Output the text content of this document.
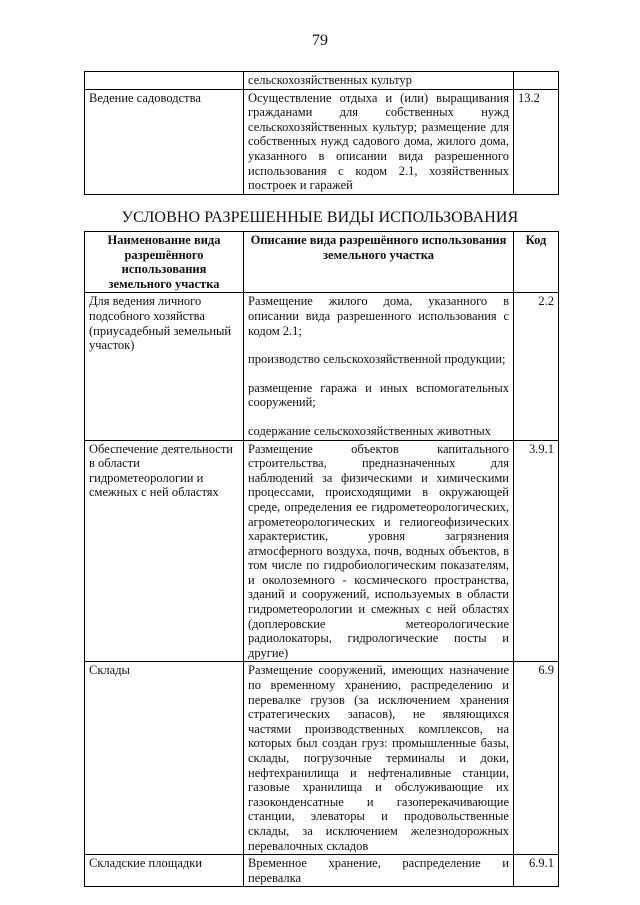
79
	сельскохозяйственных культур	
Ведение садоводства	Осуществление отдыха и (или) выращивания гражданами для собственных нужд сельскохозяйственных культур; размещение для собственных нужд садового дома, жилого дома, указанного в описании вида разрешенного использования с кодом 2.1, хозяйственных построек и гаражей	13.2
УСЛОВНО РАЗРЕШЕННЫЕ ВИДЫ ИСПОЛЬЗОВАНИЯ
Наименование вида разрешённого использования земельного участка	Описание вида разрешённого использования земельного участка	Код
Для ведения личного подсобного хозяйства (приусадебный земельный участок)	Размещение жилого дома, указанного в описании вида разрешенного использования с кодом 2.1;

производство сельскохозяйственной продукции;

размещение гаража и иных вспомогательных сооружений;

содержание сельскохозяйственных животных	2.2
Обеспечение деятельности в области гидрометеорологии и смежных с ней областях	Размещение объектов капитального строительства, предназначенных для наблюдений за физическими и химическими процессами, происходящими в окружающей среде, определения ее гидрометеорологических, агрометеорологических и гелиогеофизических характеристик, уровня загрязнения атмосферного воздуха, почв, водных объектов, в том числе по гидробиологическим показателям, и околоземного - космического пространства, зданий и сооружений, используемых в области гидрометеорологии и смежных с ней областях (доплеровские метеорологические радиолокаторы, гидрологические посты и другие)	3.9.1
Склады	Размещение сооружений, имеющих назначение по временному хранению, распределению и перевалке грузов (за исключением хранения стратегических запасов), не являющихся частями производственных комплексов, на которых был создан груз: промышленные базы, склады, погрузочные терминалы и доки, нефтехранилища и нефтеналивные станции, газовые хранилища и обслуживающие их газоконденсатные и газоперекачивающие станции, элеваторы и продовольственные склады, за исключением железнодорожных перевалочных складов	6.9
Складские площадки	Временное хранение, распределение и перевалка	6.9.1
